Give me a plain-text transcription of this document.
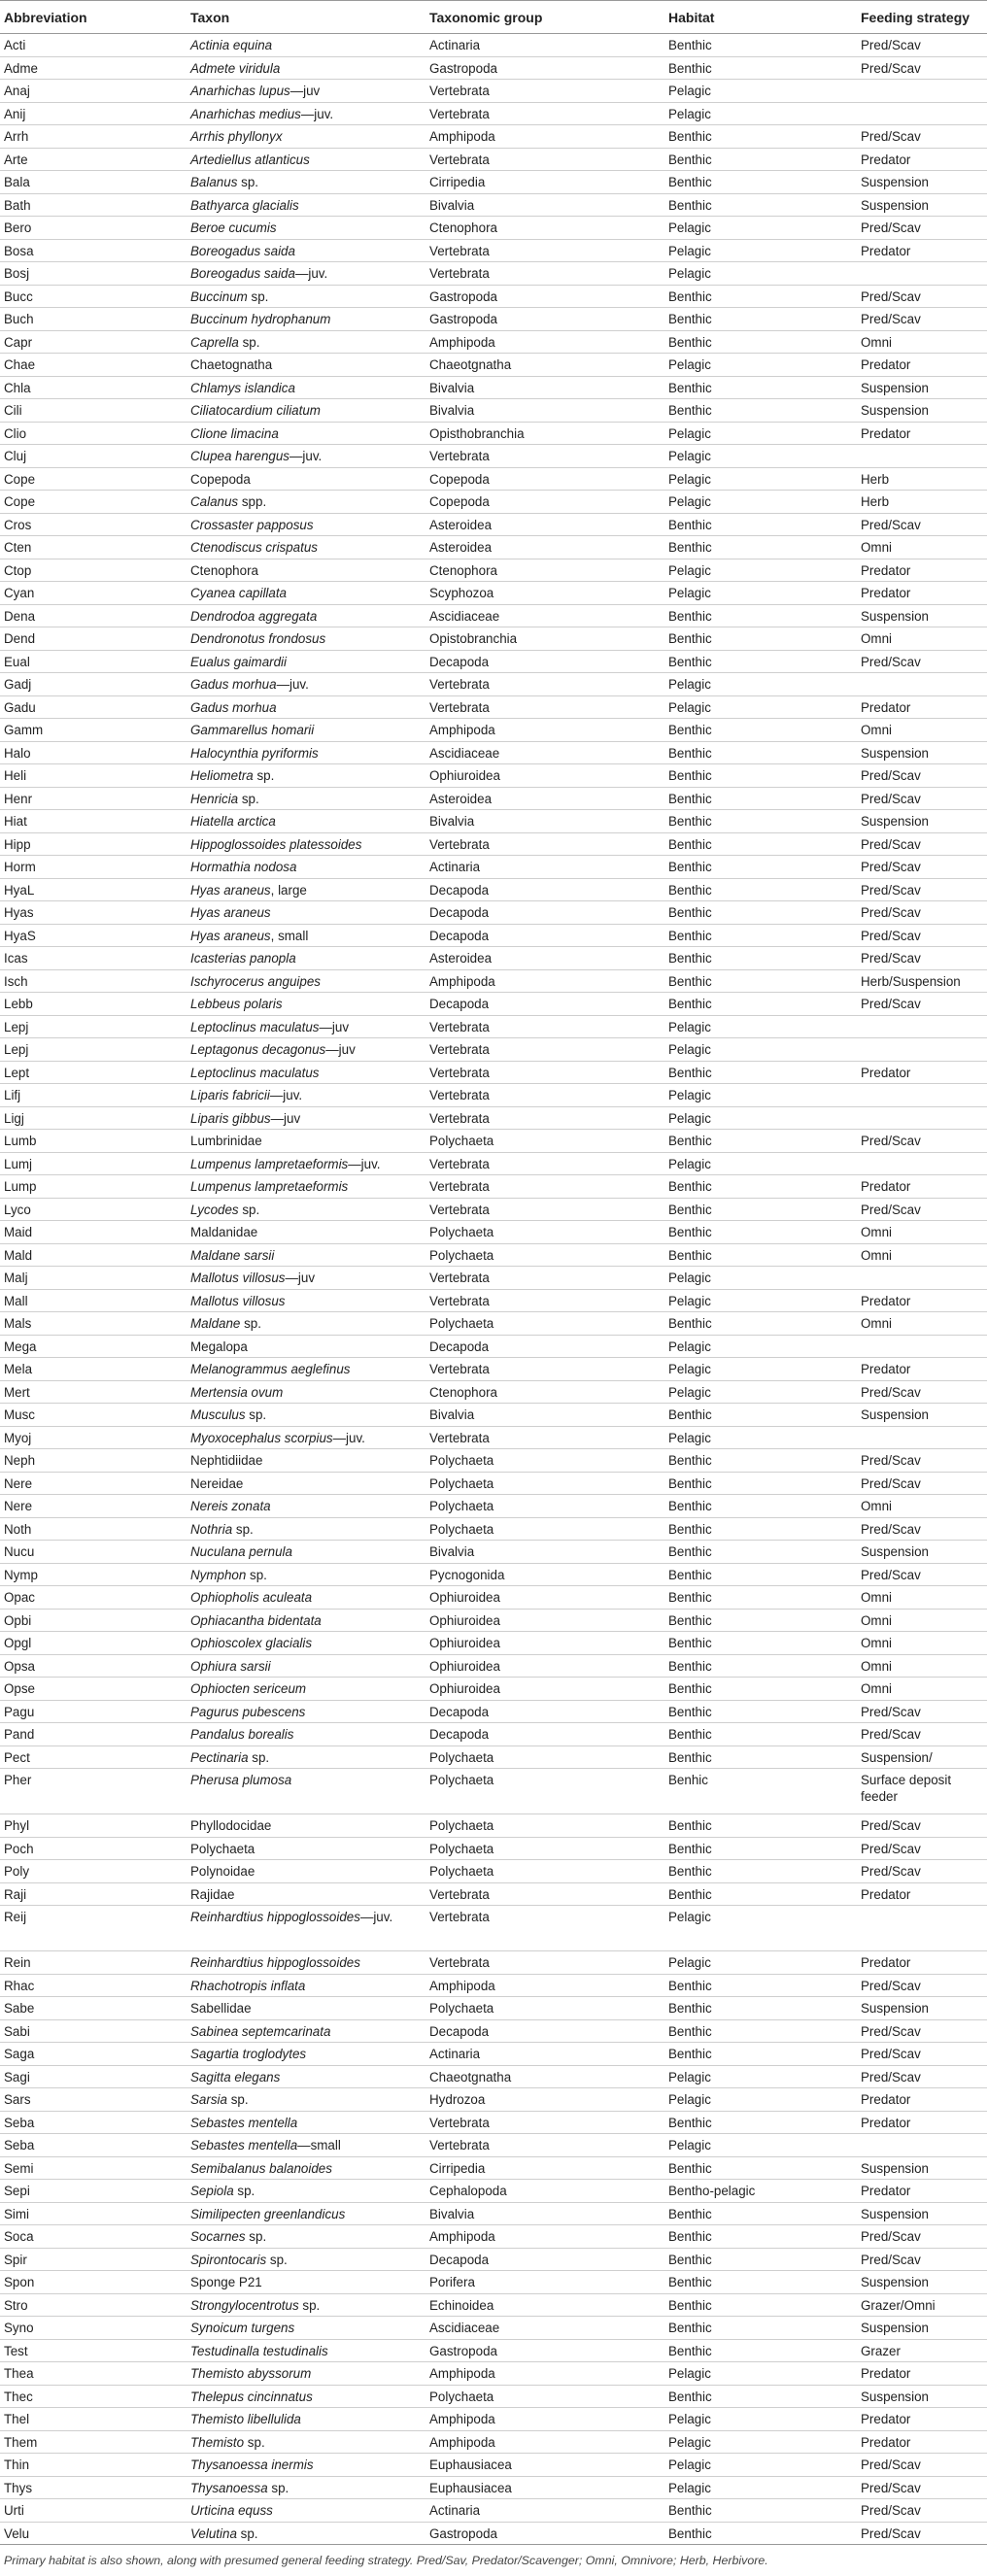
Abbreviation	Taxon	Taxonomic group	Habitat	Feeding strategy
Acti	Actinia equina	Actinaria	Benthic	Pred/Scav
Adme	Admete viridula	Gastropoda	Benthic	Pred/Scav
Anaj	Anarhichas lupus—juv	Vertebrata	Pelagic	
Anij	Anarhichas medius—juv.	Vertebrata	Pelagic	
Arrh	Arrhis phyllonyx	Amphipoda	Benthic	Pred/Scav
Arte	Artediellus atlanticus	Vertebrata	Benthic	Predator
Bala	Balanus sp.	Cirripedia	Benthic	Suspension
Bath	Bathyarca glacialis	Bivalvia	Benthic	Suspension
Bero	Beroe cucumis	Ctenophora	Pelagic	Pred/Scav
Bosa	Boreogadus saida	Vertebrata	Pelagic	Predator
Bosj	Boreogadus saida—juv.	Vertebrata	Pelagic	
Bucc	Buccinum sp.	Gastropoda	Benthic	Pred/Scav
Buch	Buccinum hydrophanum	Gastropoda	Benthic	Pred/Scav
Capr	Caprella sp.	Amphipoda	Benthic	Omni
Chae	Chaetognatha	Chaeotgnatha	Pelagic	Predator
Chla	Chlamys islandica	Bivalvia	Benthic	Suspension
Cili	Ciliatocardium ciliatum	Bivalvia	Benthic	Suspension
Clio	Clione limacina	Opisthobranchia	Pelagic	Predator
Cluj	Clupea harengus—juv.	Vertebrata	Pelagic	
Cope	Copepoda	Copepoda	Pelagic	Herb
Cope	Calanus spp.	Copepoda	Pelagic	Herb
Cros	Crossaster papposus	Asteroidea	Benthic	Pred/Scav
Cten	Ctenodiscus crispatus	Asteroidea	Benthic	Omni
Ctop	Ctenophora	Ctenophora	Pelagic	Predator
Cyan	Cyanea capillata	Scyphozoa	Pelagic	Predator
Dena	Dendrodoa aggregata	Ascidiaceae	Benthic	Suspension
Dend	Dendronotus frondosus	Opistobranchia	Benthic	Omni
Eual	Eualus gaimardii	Decapoda	Benthic	Pred/Scav
Gadj	Gadus morhua—juv.	Vertebrata	Pelagic	
Gadu	Gadus morhua	Vertebrata	Pelagic	Predator
Gamm	Gammarellus homarii	Amphipoda	Benthic	Omni
Halo	Halocynthia pyriformis	Ascidiaceae	Benthic	Suspension
Heli	Heliometra sp.	Ophiuroidea	Benthic	Pred/Scav
Henr	Henricia sp.	Asteroidea	Benthic	Pred/Scav
Hiat	Hiatella arctica	Bivalvia	Benthic	Suspension
Hipp	Hippoglossoides platessoides	Vertebrata	Benthic	Pred/Scav
Horm	Hormathia nodosa	Actinaria	Benthic	Pred/Scav
HyaL	Hyas araneus, large	Decapoda	Benthic	Pred/Scav
Hyas	Hyas araneus	Decapoda	Benthic	Pred/Scav
HyaS	Hyas araneus, small	Decapoda	Benthic	Pred/Scav
Icas	Icasterias panopla	Asteroidea	Benthic	Pred/Scav
Isch	Ischyrocerus anguipes	Amphipoda	Benthic	Herb/Suspension
Lebb	Lebbeus polaris	Decapoda	Benthic	Pred/Scav
Lepj	Leptoclinus maculatus—juv	Vertebrata	Pelagic	
Lepj	Leptagonus decagonus—juv	Vertebrata	Pelagic	
Lept	Leptoclinus maculatus	Vertebrata	Benthic	Predator
Lifj	Liparis fabricii—juv.	Vertebrata	Pelagic	
Ligj	Liparis gibbus—juv	Vertebrata	Pelagic	
Lumb	Lumbrinidae	Polychaeta	Benthic	Pred/Scav
Lumj	Lumpenus lampretaeformis—juv.	Vertebrata	Pelagic	
Lump	Lumpenus lampretaeformis	Vertebrata	Benthic	Predator
Lyco	Lycodes sp.	Vertebrata	Benthic	Pred/Scav
Maid	Maldanidae	Polychaeta	Benthic	Omni
Mald	Maldane sarsii	Polychaeta	Benthic	Omni
Malj	Mallotus villosus—juv	Vertebrata	Pelagic	
Mall	Mallotus villosus	Vertebrata	Pelagic	Predator
Mals	Maldane sp.	Polychaeta	Benthic	Omni
Mega	Megalopa	Decapoda	Pelagic	
Mela	Melanogrammus aeglefinus	Vertebrata	Pelagic	Predator
Mert	Mertensia ovum	Ctenophora	Pelagic	Pred/Scav
Musc	Musculus sp.	Bivalvia	Benthic	Suspension
Myoj	Myoxocephalus scorpius—juv.	Vertebrata	Pelagic	
Neph	Nephtidiidae	Polychaeta	Benthic	Pred/Scav
Nere	Nereidae	Polychaeta	Benthic	Pred/Scav
Nere	Nereis zonata	Polychaeta	Benthic	Omni
Noth	Nothria sp.	Polychaeta	Benthic	Pred/Scav
Nucu	Nuculana pernula	Bivalvia	Benthic	Suspension
Nymp	Nymphon sp.	Pycnogonida	Benthic	Pred/Scav
Opac	Ophiopholis aculeata	Ophiuroidea	Benthic	Omni
Opbi	Ophiacantha bidentata	Ophiuroidea	Benthic	Omni
Opgl	Ophioscolex glacialis	Ophiuroidea	Benthic	Omni
Opsa	Ophiura sarsii	Ophiuroidea	Benthic	Omni
Opse	Ophiocten sericeum	Ophiuroidea	Benthic	Omni
Pagu	Pagurus pubescens	Decapoda	Benthic	Pred/Scav
Pand	Pandalus borealis	Decapoda	Benthic	Pred/Scav
Pect	Pectinaria sp.	Polychaeta	Benthic	Suspension/
Pher	Pherusa plumosa	Polychaeta	Benhic	Surface deposit feeder
Phyl	Phyllodocidae	Polychaeta	Benthic	Pred/Scav
Poch	Polychaeta	Polychaeta	Benthic	Pred/Scav
Poly	Polynoidae	Polychaeta	Benthic	Pred/Scav
Raji	Rajidae	Vertebrata	Benthic	Predator
Reij	Reinhardtius hippoglossoides—juv.	Vertebrata	Pelagic	
Rein	Reinhardtius hippoglossoides	Vertebrata	Pelagic	Predator
Rhac	Rhachotropis inflata	Amphipoda	Benthic	Pred/Scav
Sabe	Sabellidae	Polychaeta	Benthic	Suspension
Sabi	Sabinea septemcarinata	Decapoda	Benthic	Pred/Scav
Saga	Sagartia troglodytes	Actinaria	Benthic	Pred/Scav
Sagi	Sagitta elegans	Chaeotgnatha	Pelagic	Pred/Scav
Sars	Sarsia sp.	Hydrozoa	Pelagic	Predator
Seba	Sebastes mentella	Vertebrata	Benthic	Predator
Seba	Sebastes mentella—small	Vertebrata	Pelagic	
Semi	Semibalanus balanoides	Cirripedia	Benthic	Suspension
Sepi	Sepiola sp.	Cephalopoda	Bentho-pelagic	Predator
Simi	Similipecten greenlandicus	Bivalvia	Benthic	Suspension
Soca	Socarnes sp.	Amphipoda	Benthic	Pred/Scav
Spir	Spirontocaris sp.	Decapoda	Benthic	Pred/Scav
Spon	Sponge P21	Porifera	Benthic	Suspension
Stro	Strongylocentrotus sp.	Echinoidea	Benthic	Grazer/Omni
Syno	Synoicum turgens	Ascidiaceae	Benthic	Suspension
Test	Testudinalla testudinalis	Gastropoda	Benthic	Grazer
Thea	Themisto abyssorum	Amphipoda	Pelagic	Predator
Thec	Thelepus cincinnatus	Polychaeta	Benthic	Suspension
Thel	Themisto libellulida	Amphipoda	Pelagic	Predator
Them	Themisto sp.	Amphipoda	Pelagic	Predator
Thin	Thysanoessa inermis	Euphausiacea	Pelagic	Pred/Scav
Thys	Thysanoessa sp.	Euphausiacea	Pelagic	Pred/Scav
Urti	Urticina equss	Actinaria	Benthic	Pred/Scav
Velu	Velutina sp.	Gastropoda	Benthic	Pred/Scav
Primary habitat is also shown, along with presumed general feeding strategy. Pred/Sav, Predator/Scavenger; Omni, Omnivore; Herb, Herbivore.
